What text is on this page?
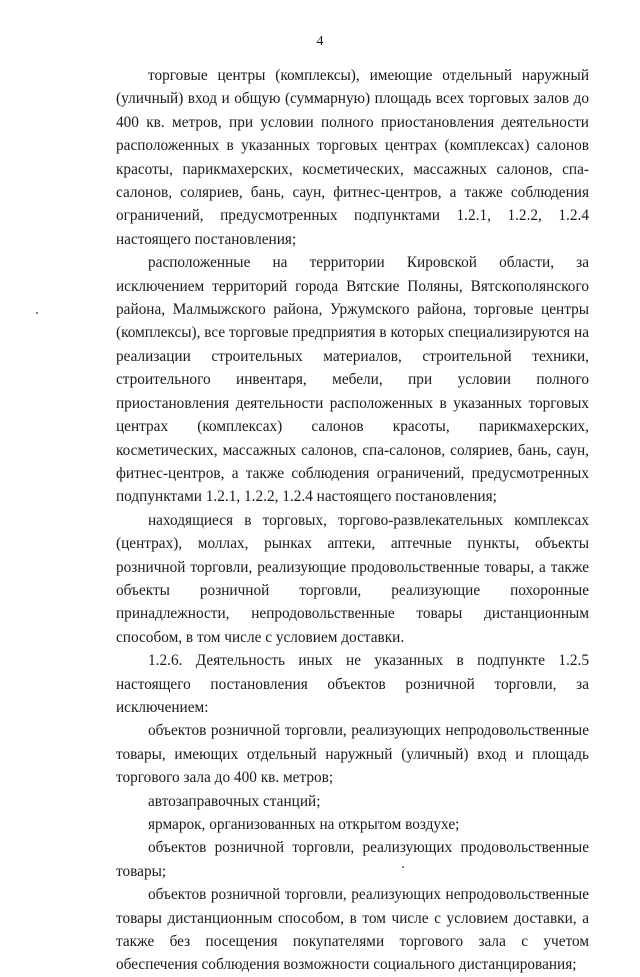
4

торговые центры (комплексы), имеющие отдельный наружный (уличный) вход и общую (суммарную) площадь всех торговых залов до 400 кв. метров, при условии полного приостановления деятельности расположенных в указанных торговых центрах (комплексах) салонов красоты, парикмахерских, косметических, массажных салонов, спа-салонов, соляриев, бань, саун, фитнес-центров, а также соблюдения ограничений, предусмотренных подпунктами 1.2.1, 1.2.2, 1.2.4 настоящего постановления;

расположенные на территории Кировской области, за исключением территорий города Вятские Поляны, Вятскополянского района, Малмыжского района, Уржумского района, торговые центры (комплексы), все торговые предприятия в которых специализируются на реализации строительных материалов, строительной техники, строительного инвентаря, мебели, при условии полного приостановления деятельности расположенных в указанных торговых центрах (комплексах) салонов красоты, парикмахерских, косметических, массажных салонов, спа-салонов, соляриев, бань, саун, фитнес-центров, а также соблюдения ограничений, предусмотренных подпунктами 1.2.1, 1.2.2, 1.2.4 настоящего постановления;

находящиеся в торговых, торгово-развлекательных комплексах (центрах), моллах, рынках аптеки, аптечные пункты, объекты розничной торговли, реализующие продовольственные товары, а также объекты розничной торговли, реализующие похоронные принадлежности, непродовольственные товары дистанционным способом, в том числе с условием доставки.

1.2.6. Деятельность иных не указанных в подпункте 1.2.5 настоящего постановления объектов розничной торговли, за исключением:

объектов розничной торговли, реализующих непродовольственные товары, имеющих отдельный наружный (уличный) вход и площадь торгового зала до 400 кв. метров;

автозаправочных станций;

ярмарок, организованных на открытом воздухе;

объектов розничной торговли, реализующих продовольственные товары;

объектов розничной торговли, реализующих непродовольственные товары дистанционным способом, в том числе с условием доставки, а также без посещения покупателями торгового зала с учетом обеспечения соблюдения возможности социального дистанцирования;
